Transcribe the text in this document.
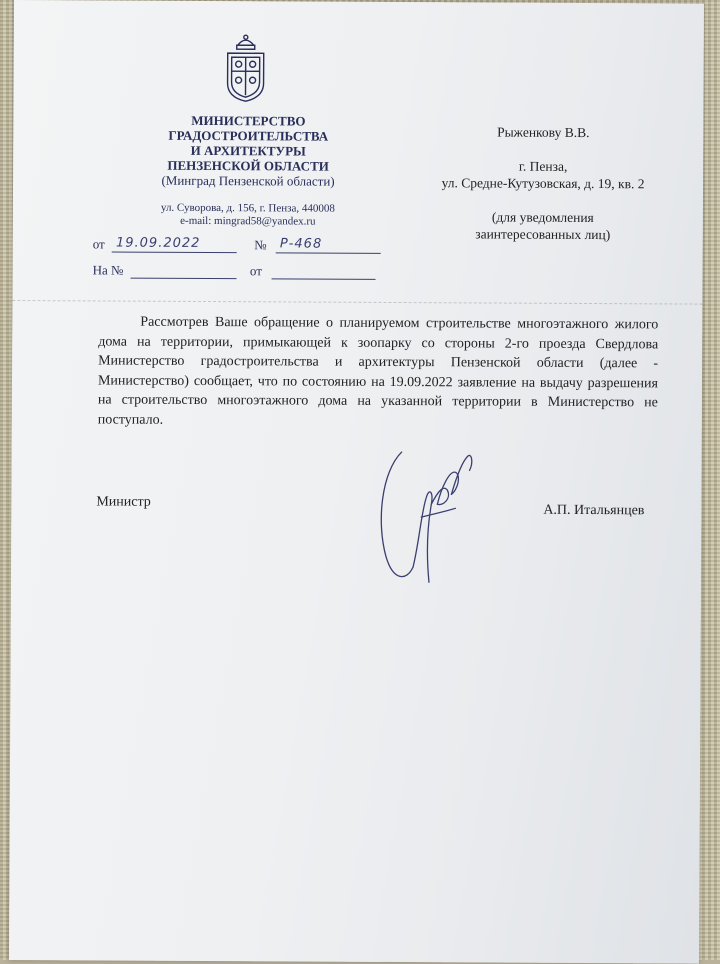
МИНИСТЕРСТВО
ГРАДОСТРОИТЕЛЬСТВА
И АРХИТЕКТУРЫ
ПЕНЗЕНСКОЙ ОБЛАСТИ
(Минград Пензенской области)
ул. Суворова, д. 156, г. Пенза, 440008
e-mail: mingrad58@yandex.ru
от 19.09.2022	№ Р-468
На №	от
Рыженкову В.В.
г. Пенза,
ул. Средне-Кутузовская, д. 19, кв. 2
(для уведомления
заинтересованных лиц)

Рассмотрев Ваше обращение о планируемом строительстве многоэтажного жилого дома на территории, примыкающей к зоопарку со стороны 2-го проезда Свердлова Министерство градостроительства и архитектуры Пензенской области (далее - Министерство) сообщает, что по состоянию на 19.09.2022 заявление на выдачу разрешения на строительство многоэтажного дома на указанной территории в Министерство не поступало.

Министр
А.П. Итальянцев
